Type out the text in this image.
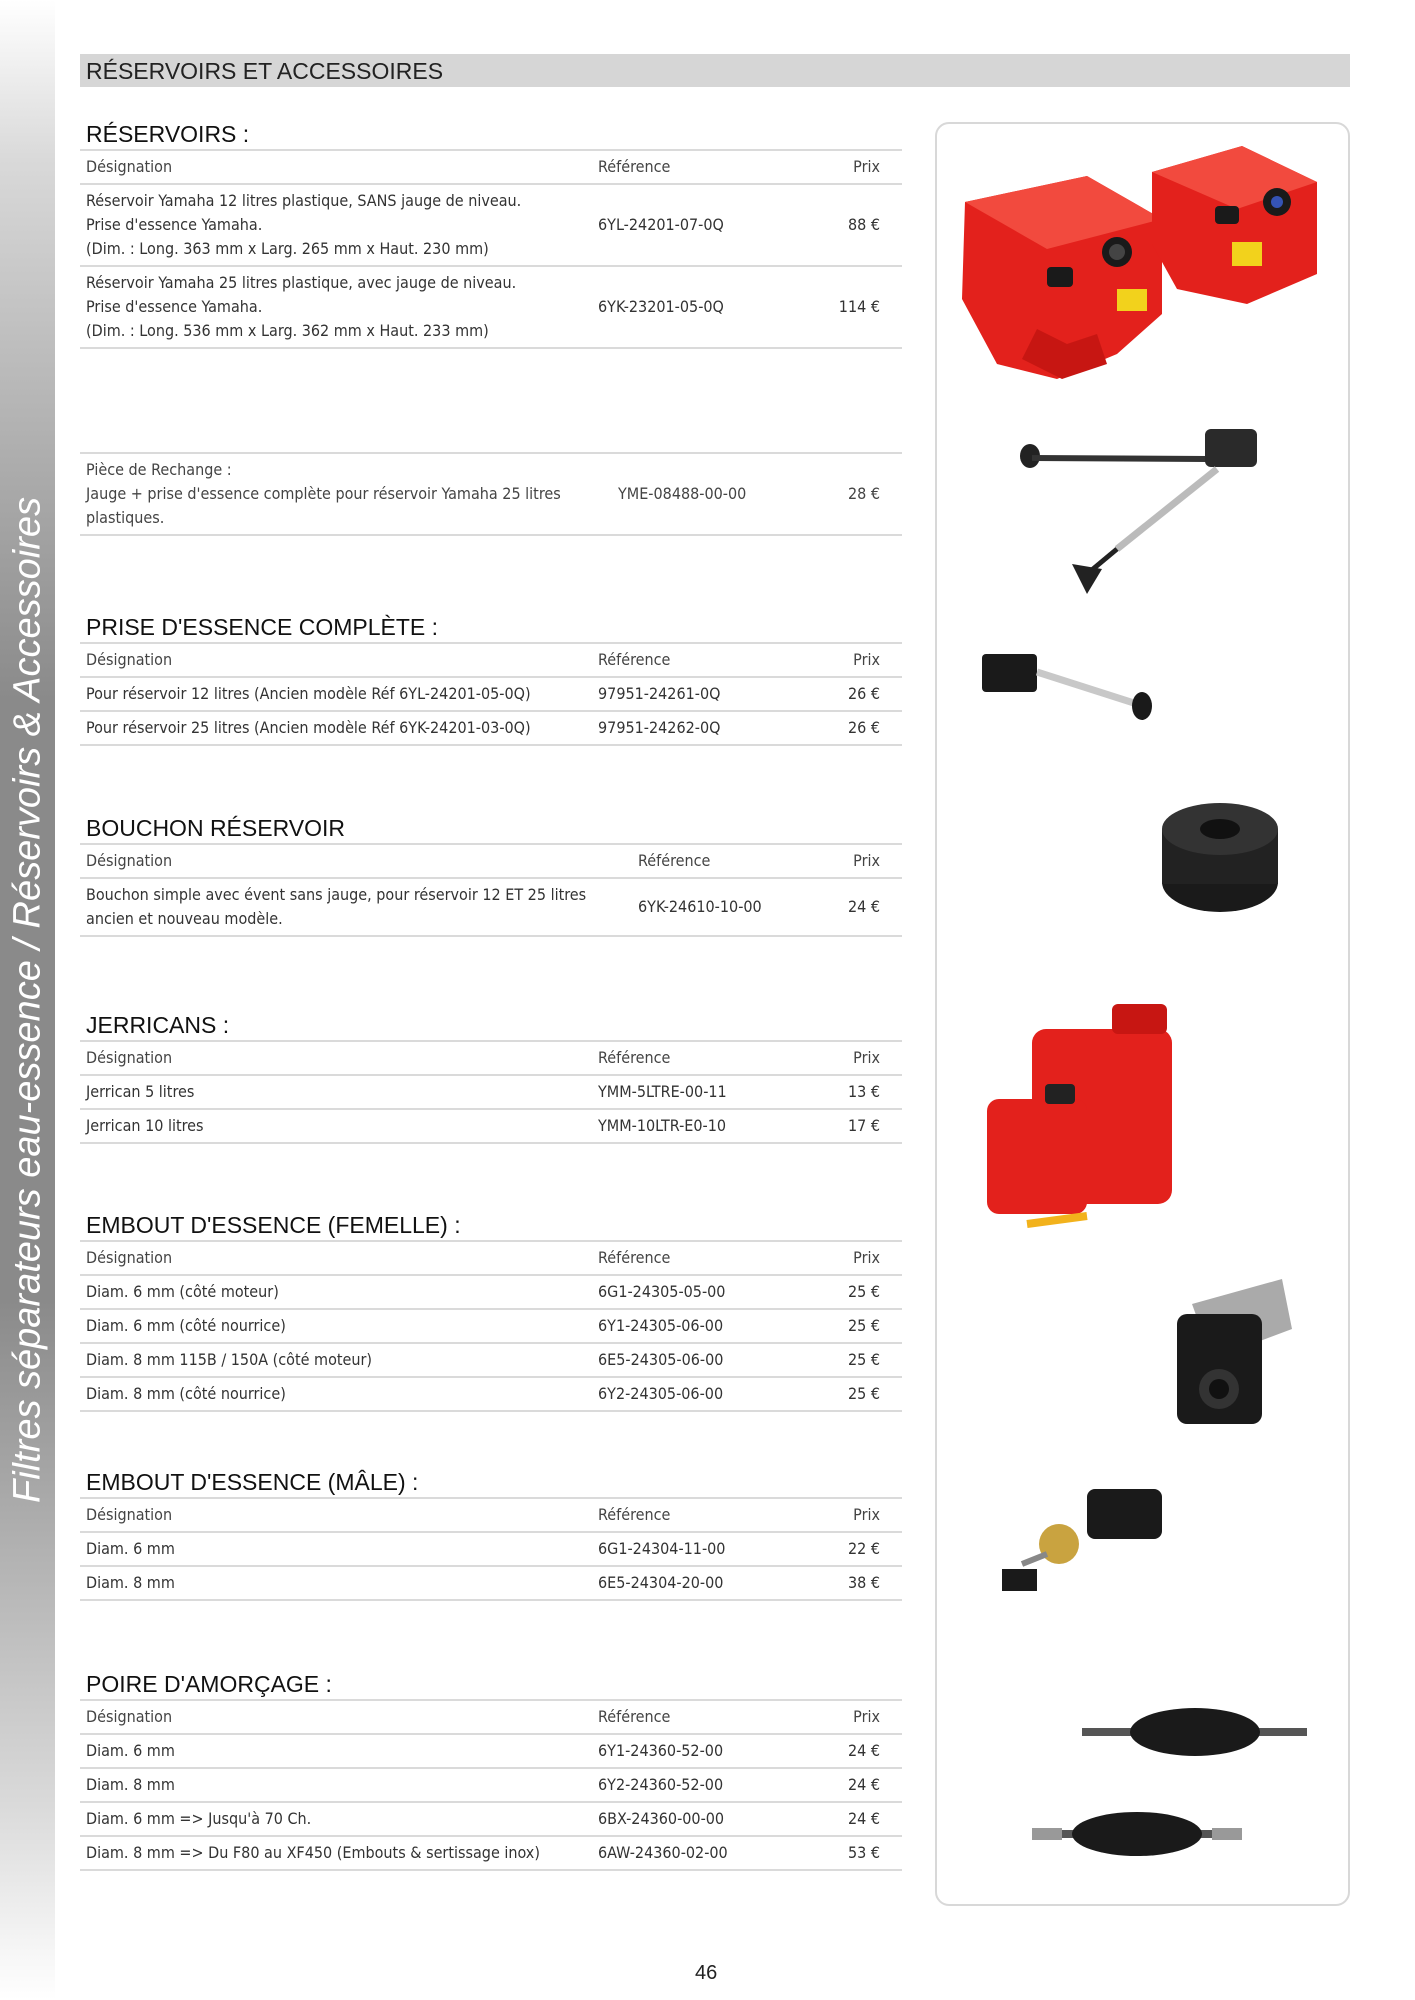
Filtres séparateurs eau-essence / Réservoirs & Accessoires
RÉSERVOIRS ET ACCESSOIRES
RÉSERVOIRS :
Désignation	Référence	Prix

Réservoir Yamaha 12 litres plastique, SANS jauge de niveau.
Prise d'essence Yamaha.
(Dim. : Long. 363 mm x Larg. 265 mm x Haut. 230 mm)	6YL-24201-07-0Q	88 €

Réservoir Yamaha 25 litres plastique, avec jauge de niveau.
Prise d'essence Yamaha.
(Dim. : Long. 536 mm x Larg. 362 mm x Haut. 233 mm)	6YK-23201-05-0Q	114 €
Pièce de Rechange :
Jauge + prise d'essence complète pour réservoir Yamaha 25 litres plastiques.
	YME-08488-00-00	28 €
PRISE D'ESSENCE COMPLÈTE :
Désignation	Référence	Prix
Pour réservoir 12 litres (Ancien modèle Réf 6YL-24201-05-0Q)	97951-24261-0Q	26 €
Pour réservoir 25 litres (Ancien modèle Réf 6YK-24201-03-0Q)	97951-24262-0Q	26 €
BOUCHON RÉSERVOIR
Désignation	Référence	Prix

Bouchon simple avec évent sans jauge, pour réservoir 12 ET 25 litres ancien et nouveau modèle.	6YK-24610-10-00	24 €
JERRICANS :
Désignation	Référence	Prix
Jerrican 5 litres	YMM-5LTRE-00-11	13 €
Jerrican 10 litres	YMM-10LTR-E0-10	17 €
EMBOUT D'ESSENCE (FEMELLE) :
Désignation	Référence	Prix
Diam. 6 mm (côté moteur)	6G1-24305-05-00	25 €
Diam. 6 mm (côté nourrice)	6Y1-24305-06-00	25 €
Diam. 8 mm 115B / 150A (côté moteur)	6E5-24305-06-00	25 €
Diam. 8 mm (côté nourrice)	6Y2-24305-06-00	25 €
EMBOUT D'ESSENCE (MÂLE) :
Désignation	Référence	Prix
Diam. 6 mm	6G1-24304-11-00	22 €
Diam. 8 mm	6E5-24304-20-00	38 €
POIRE D'AMORÇAGE :
Désignation	Référence	Prix
Diam. 6 mm	6Y1-24360-52-00	24 €
Diam. 8 mm	6Y2-24360-52-00	24 €
Diam. 6 mm => Jusqu'à 70 Ch.	6BX-24360-00-00	24 €
Diam. 8 mm => Du F80 au XF450 (Embouts & sertissage inox)	6AW-24360-02-00	53 €
46
